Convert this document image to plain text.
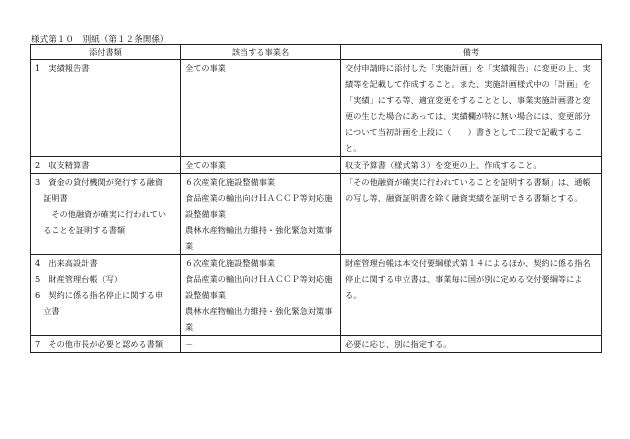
様式第１０　別紙（第１２条関係）
添付書類	該当する事業名	備考

1　実績報告書	全ての事業	交付申請時に添付した「実施計画」を「実績報告」に変更の上、実績等を記載して作成すること。また、実施計画様式中の「計画」を「実績」にする等、適宜変更をすることとし、事業実施計画書と変更の生じた場合にあっては、実績欄が特に無い場合には、変更部分について当初計画を上段に（　　）書きとして二段で記載すること。

2　収支精算書	全ての事業	収支予算書（様式第３）を変更の上、作成すること。

3　資金の貸付機関が発行する融資
　証明書
　　その他融資が確実に行われてい
　ることを証明する書類	６次産業化施設整備事業
食品産業の輸出向けＨＡＣＣＰ等対応施設整備事業
農林水産物輸出力維持・強化緊急対策事業	「その他融資が確実に行われていることを証明する書類」は、通帳の写し等、融資証明書を除く融資実績を証明できる書類とする。

4　出来高設計書
5　財産管理台帳（写）
6　契約に係る指名停止に関する申
　立書	６次産業化施設整備事業
食品産業の輸出向けＨＡＣＣＰ等対応施設整備事業
農林水産物輸出力維持・強化緊急対策事業	財産管理台帳は本交付要綱様式第１４によるほか、契約に係る指名停止に関する申立書は、事業毎に国が別に定める交付要綱等による。

7　その他市長が必要と認める書類	－	必要に応じ、別に指定する。
